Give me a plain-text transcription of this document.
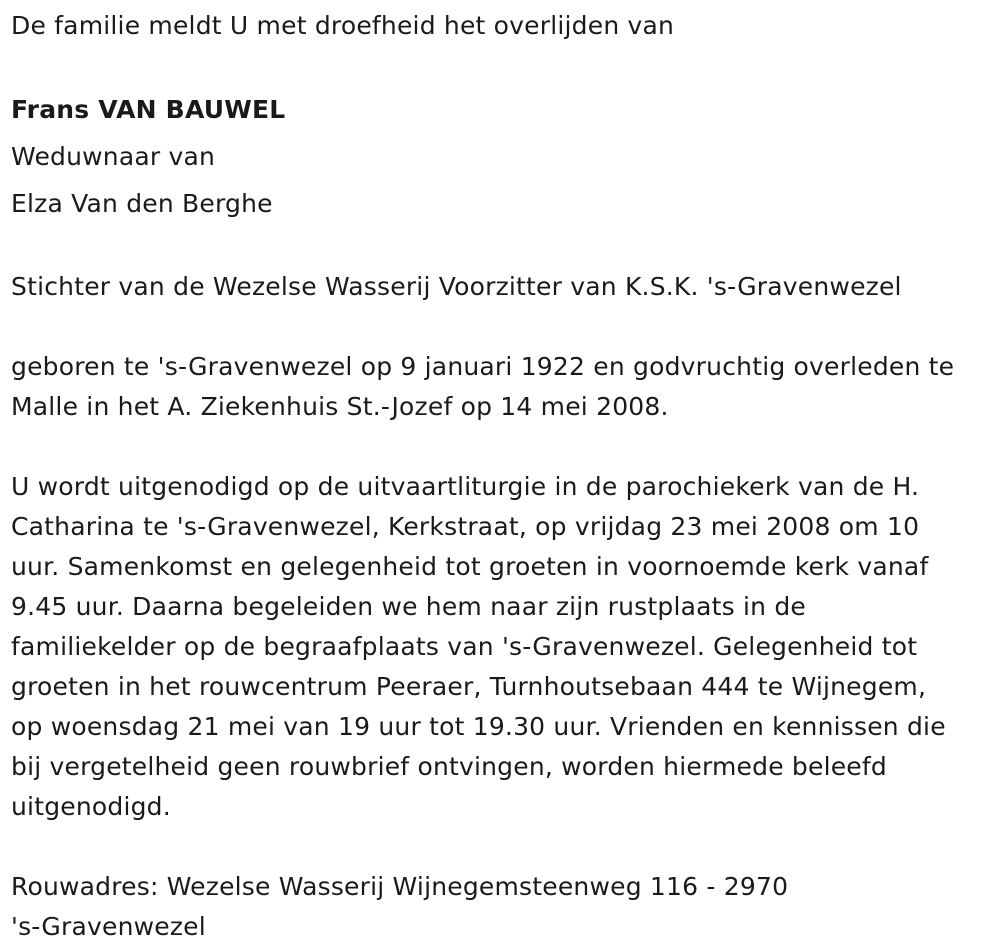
De familie meldt U met droefheid het overlijden van
Frans VAN BAUWEL
Weduwnaar van
Elza Van den Berghe
Stichter van de Wezelse Wasserij Voorzitter van K.S.K. 's-Gravenwezel
geboren te 's-Gravenwezel op 9 januari 1922 en godvruchtig overleden te
Malle in het A. Ziekenhuis St.-Jozef op 14 mei 2008.
U wordt uitgenodigd op de uitvaartliturgie in de parochiekerk van de H.
Catharina te 's-Gravenwezel, Kerkstraat, op vrijdag 23 mei 2008 om 10
uur. Samenkomst en gelegenheid tot groeten in voornoemde kerk vanaf
9.45 uur. Daarna begeleiden we hem naar zijn rustplaats in de
familiekelder op de begraafplaats van 's-Gravenwezel. Gelegenheid tot
groeten in het rouwcentrum Peeraer, Turnhoutsebaan 444 te Wijnegem,
op woensdag 21 mei van 19 uur tot 19.30 uur. Vrienden en kennissen die
bij vergetelheid geen rouwbrief ontvingen, worden hiermede beleefd
uitgenodigd.
Rouwadres: Wezelse Wasserij Wijnegemsteenweg 116 - 2970
's-Gravenwezel
